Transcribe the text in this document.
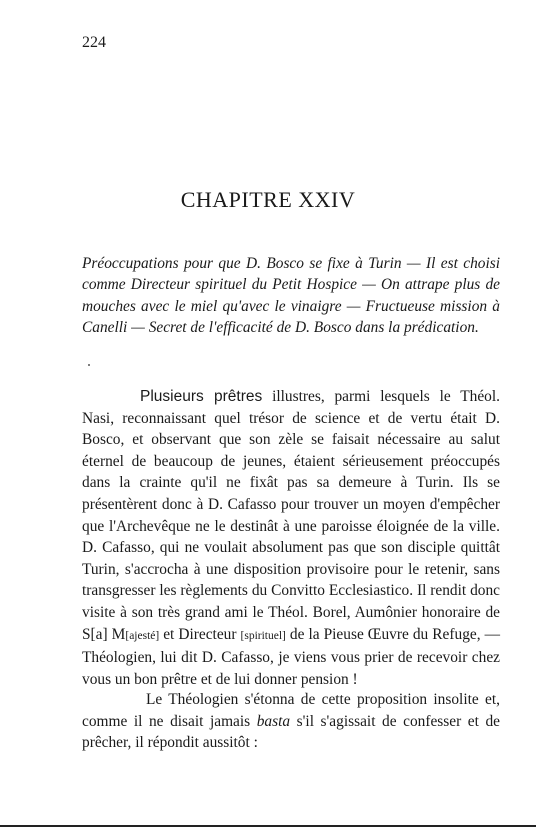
224
CHAPITRE XXIV

Préoccupations pour que D. Bosco se fixe à Turin — Il est choisi comme Directeur spirituel du Petit Hospice — On attrape plus de mouches avec le miel qu'avec le vinaigre — Fructueuse mission à Canelli — Secret de l'efficacité de D. Bosco dans la prédication.

Plusieurs prêtres illustres, parmi lesquels le Théol. Nasi, reconnaissant quel trésor de science et de vertu était D. Bosco, et observant que son zèle se faisait nécessaire au salut éternel de beaucoup de jeunes, étaient sérieusement préoccupés dans la crainte qu'il ne fixât pas sa demeure à Turin. Ils se présentèrent donc à D. Cafasso pour trouver un moyen d'empêcher que l'Archevêque ne le destinât à une paroisse éloignée de la ville. D. Cafasso, qui ne voulait absolument pas que son disciple quittât Turin, s'accrocha à une disposition provisoire pour le retenir, sans transgresser les règlements du Convitto Ecclesiastico. Il rendit donc visite à son très grand ami le Théol. Borel, Aumônier honoraire de S[a] M[ajesté] et Directeur [spirituel] de la Pieuse Œuvre du Refuge, — Théologien, lui dit D. Cafasso, je viens vous prier de recevoir chez vous un bon prêtre et de lui donner pension !

Le Théologien s'étonna de cette proposition insolite et, comme il ne disait jamais basta s'il s'agissait de confesser et de prêcher, il répondit aussitôt :
